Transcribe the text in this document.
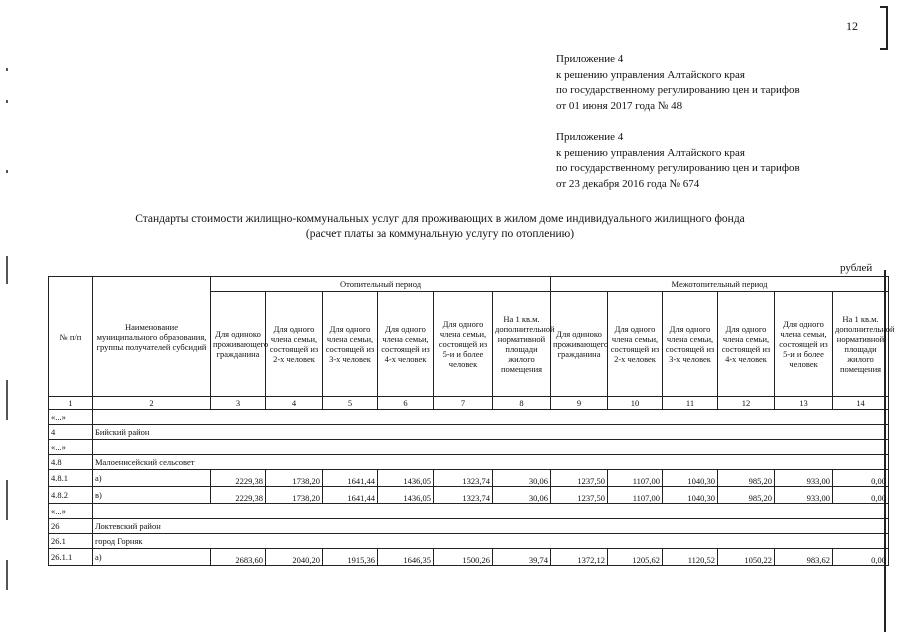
12
Приложение 4
к решению управления Алтайского края
по государственному регулированию цен и тарифов
от 01 июня 2017 года № 48
Приложение 4
к решению управления Алтайского края
по государственному регулированию цен и тарифов
от 23 декабря 2016 года № 674
Стандарты стоимости жилищно-коммунальных услуг для проживающих в жилом доме индивидуального жилищного фонда
(расчет платы за коммунальную услугу по отоплению)
рублей
№ п/п	Наименование муниципального образования, группы получателей субсидий	Отопительный период						Межотопительный период					
		Для одиноко проживающего гражданина	Для одного члена семьи, состоящей из 2-х человек	Для одного члена семьи, состоящей из 3-х человек	Для одного члена семьи, состоящей из 4-х человек	Для одного члена семьи, состоящей из 5-и и более человек	На 1 кв.м. дополнительной нормативной площади жилого помещения	Для одиноко проживающего гражданина	Для одного члена семьи, состоящей из 2-х человек	Для одного члена семьи, состоящей из 3-х человек	Для одного члена семьи, состоящей из 4-х человек	Для одного члена семьи, состоящей из 5-и и более человек	На 1 кв.м. дополнительной нормативной площади жилого помещения
1	2	3	4	5	6	7	8	9	10	11	12	13	14
«...»													
4	Бийский район												
«...»													
4.8	Малоенисейский сельсовет												
4.8.1	а)	2229,38	1738,20	1641,44	1436,05	1323,74	30,06	1237,50	1107,00	1040,30	985,20	933,00	0,00
4.8.2	в)	2229,38	1738,20	1641,44	1436,05	1323,74	30,06	1237,50	1107,00	1040,30	985,20	933,00	0,00
«...»													
26	Локтевский район												
26.1	город Горняк												
26.1.1	а)	2683,60	2040,20	1915,36	1646,35	1500,26	39,74	1372,12	1205,62	1120,52	1050,22	983,62	0,00
